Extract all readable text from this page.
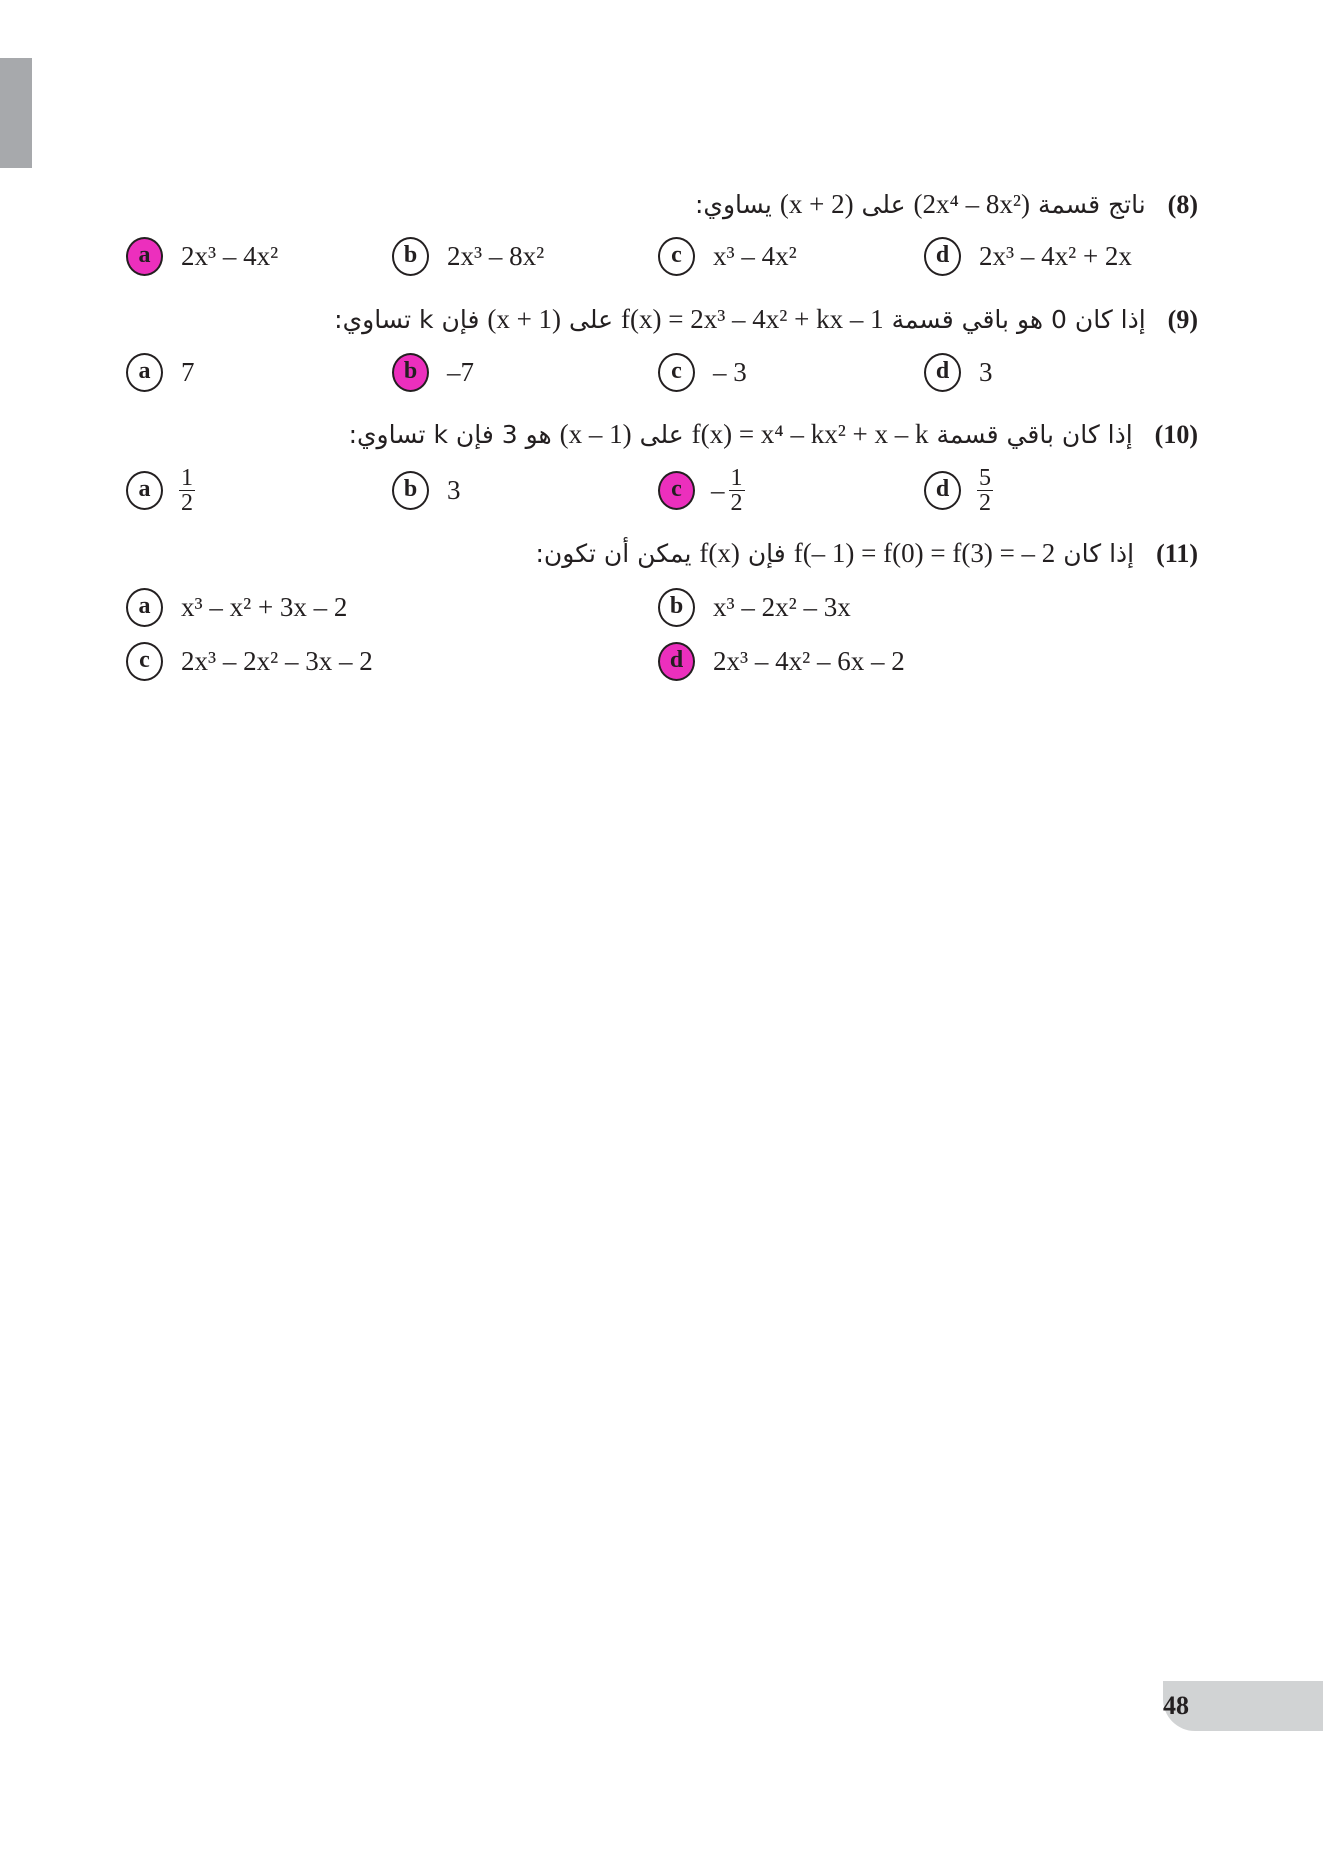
(8) ناتج قسمة (2x⁴ – 8x²) على (x + 2) يساوي:
a	2x³ – 4x²	b	2x³ – 8x²	c	x³ – 4x²	d	2x³ – 4x² + 2x
(9) إذا كان 0 هو باقي قسمة f(x) = 2x³ – 4x² + kx – 1 على (x + 1) فإن k تساوي:
a	7	b	–7	c	– 3	d	3
(10) إذا كان باقي قسمة f(x) = x⁴ – kx² + x – k على (x – 1) هو 3 فإن k تساوي:
a	$\frac{1}{2}$	b	3	c	– $\frac{1}{2}$	d	$\frac{5}{2}$
(11) إذا كان f(– 1) = f(0) = f(3) = – 2 فإن f(x) يمكن أن تكون:
a	x³ – x² + 3x – 2	b	x³ – 2x² – 3x
c	2x³ – 2x² – 3x – 2	d	2x³ – 4x² – 6x – 2
48
